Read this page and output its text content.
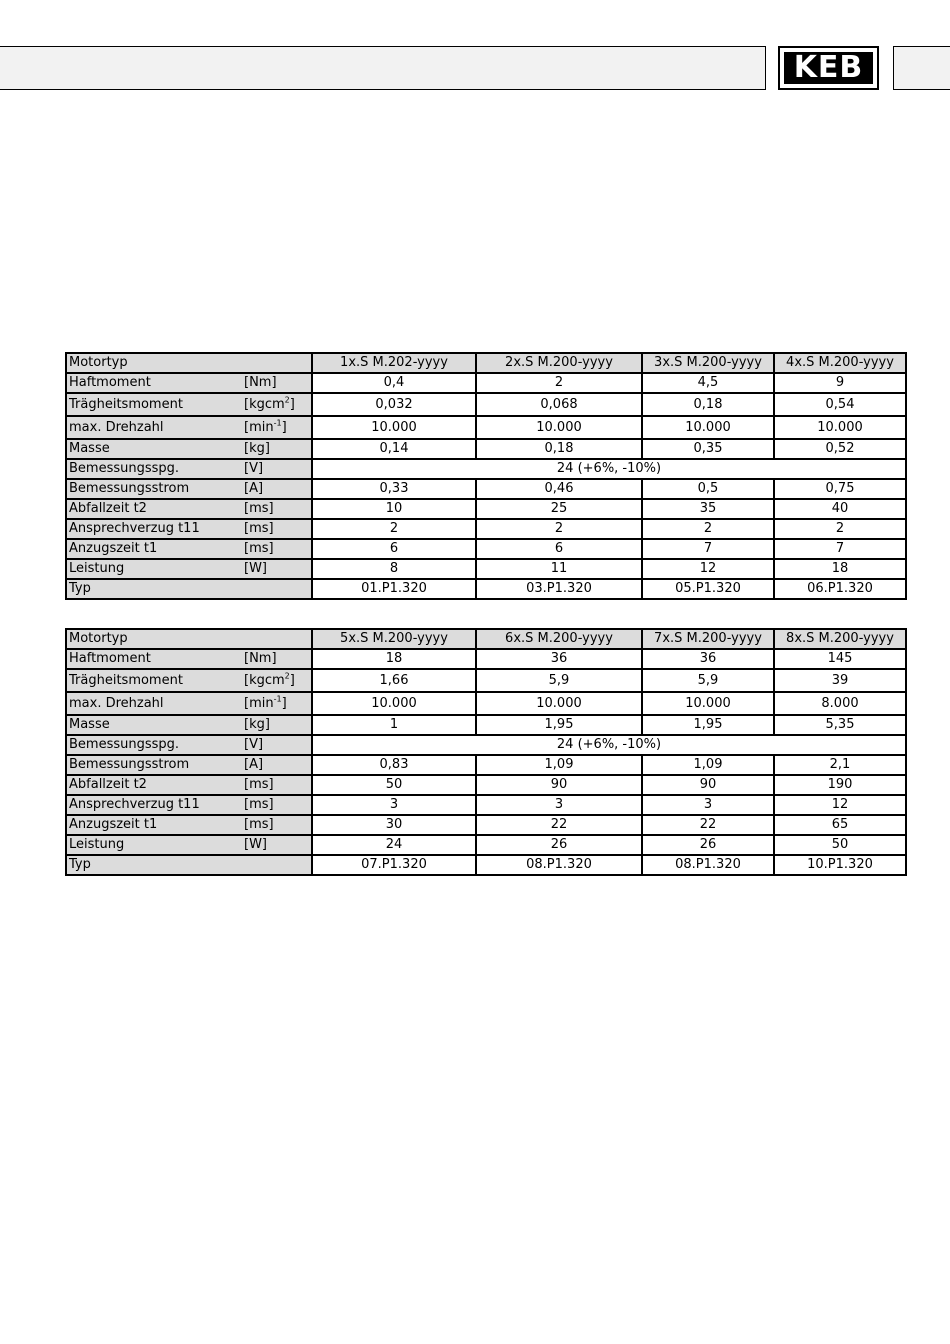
KEB
Motortyp		1x.S M.202-yyyy	2x.S M.200-yyyy	3x.S M.200-yyyy	4x.S M.200-yyyy
Haftmoment	[Nm]	0,4	2	4,5	9
Trägheitsmoment	[kgcm$^2$]	0,032	0,068	0,18	0,54
max. Drehzahl	$[\min^{-1}]$	10.000	10.000	10.000	10.000
Masse	[kg]	0,14	0,18	0,35	0,52
Bemessungsspg.	[V]	24 (+6%, -10%)			
Bemessungsstrom	[A]	0,33	0,46	0,5	0,75
Abfallzeit t2	[ms]	10	25	35	40
Ansprechverzug t11	[ms]	2	2	2	2
Anzugszeit t1	[ms]	6	6	7	7
Leistung	[W]	8	11	12	18
Typ		01.P1.320	03.P1.320	05.P1.320	06.P1.320
Motortyp		5x.S M.200-yyyy	6x.S M.200-yyyy	7x.S M.200-yyyy	8x.S M.200-yyyy
Haftmoment	[Nm]	18	36	36	145
Trägheitsmoment	[kgcm$^2$]	1,66	5,9	5,9	39
max. Drehzahl	$[\min^{-1}]$	10.000	10.000	10.000	8.000
Masse	[kg]	1	1,95	1,95	5,35
Bemessungsspg.	[V]	24 (+6%, -10%)			
Bemessungsstrom	[A]	0,83	1,09	1,09	2,1
Abfallzeit t2	[ms]	50	90	90	190
Ansprechverzug t11	[ms]	3	3	3	12
Anzugszeit t1	[ms]	30	22	22	65
Leistung	[W]	24	26	26	50
Typ		07.P1.320	08.P1.320	08.P1.320	10.P1.320
